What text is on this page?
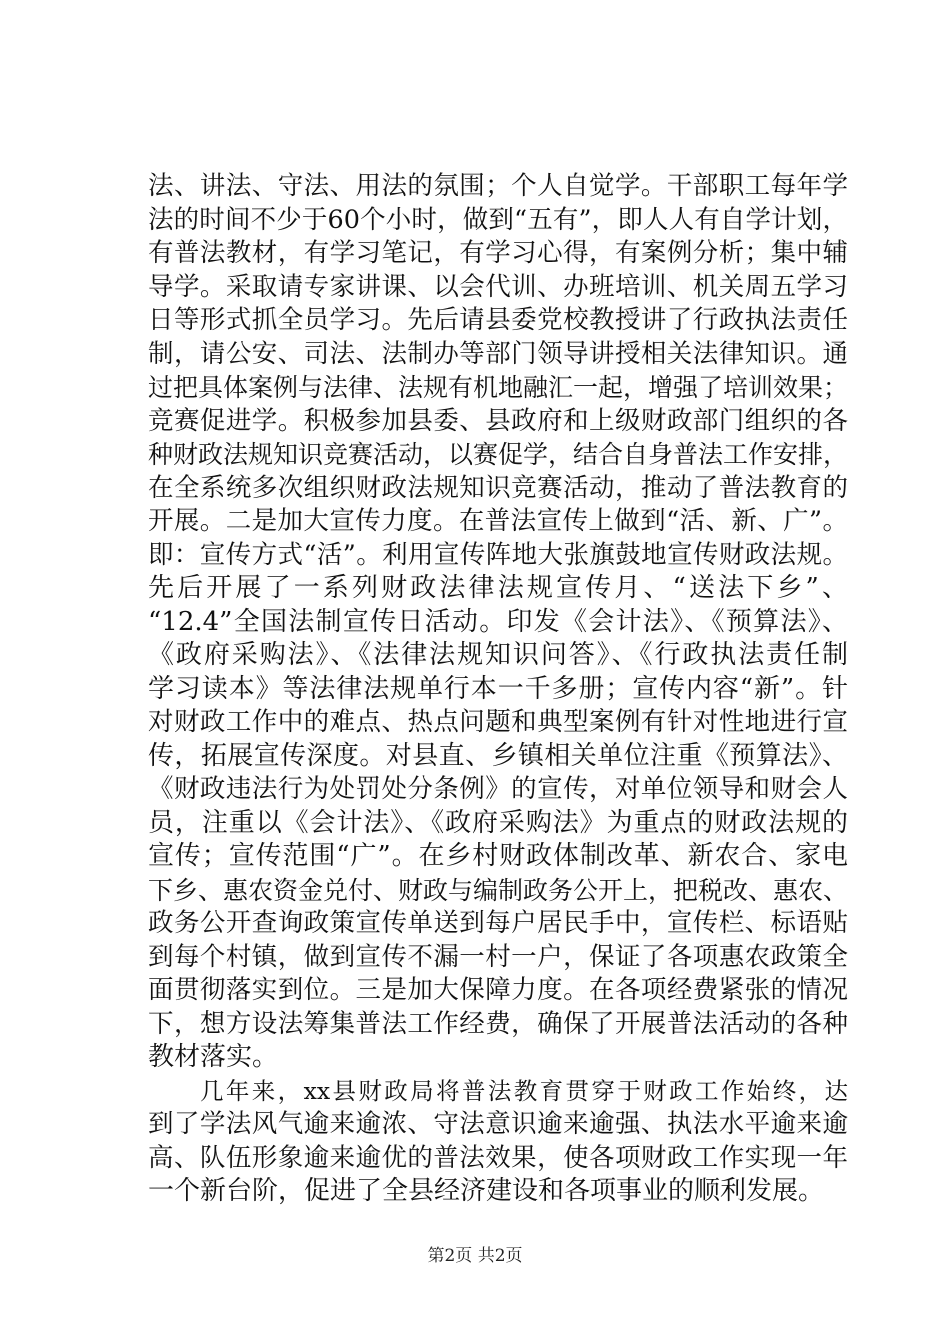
法、讲法、守法、用法的氛围；个人自觉学。干部职工每年学
法的时间不少于60个小时，做到“五有”，即人人有自学计划，
有普法教材，有学习笔记，有学习心得，有案例分析；集中辅
导学。采取请专家讲课、以会代训、办班培训、机关周五学习
日等形式抓全员学习。先后请县委党校教授讲了行政执法责任
制，请公安、司法、法制办等部门领导讲授相关法律知识。通
过把具体案例与法律、法规有机地融汇一起，增强了培训效果；
竞赛促进学。积极参加县委、县政府和上级财政部门组织的各
种财政法规知识竞赛活动，以赛促学，结合自身普法工作安排，
在全系统多次组织财政法规知识竞赛活动，推动了普法教育的
开展。二是加大宣传力度。在普法宣传上做到“活、新、广”。
即：宣传方式“活”。利用宣传阵地大张旗鼓地宣传财政法规。
先后开展了一系列财政法律法规宣传月、“送法下乡”、
“12.4”全国法制宣传日活动。印发《会计法》、《预算法》、
《政府采购法》、《法律法规知识问答》、《行政执法责任制
学习读本》等法律法规单行本一千多册；宣传内容“新”。针
对财政工作中的难点、热点问题和典型案例有针对性地进行宣
传，拓展宣传深度。对县直、乡镇相关单位注重《预算法》、
《财政违法行为处罚处分条例》的宣传，对单位领导和财会人
员，注重以《会计法》、《政府采购法》为重点的财政法规的
宣传；宣传范围“广”。在乡村财政体制改革、新农合、家电
下乡、惠农资金兑付、财政与编制政务公开上，把税改、惠农、
政务公开查询政策宣传单送到每户居民手中，宣传栏、标语贴
到每个村镇，做到宣传不漏一村一户，保证了各项惠农政策全
面贯彻落实到位。三是加大保障力度。在各项经费紧张的情况
下，想方设法筹集普法工作经费，确保了开展普法活动的各种
教材落实。
几年来，xx县财政局将普法教育贯穿于财政工作始终，达
到了学法风气逾来逾浓、守法意识逾来逾强、执法水平逾来逾
高、队伍形象逾来逾优的普法效果，使各项财政工作实现一年
一个新台阶，促进了全县经济建设和各项事业的顺利发展。
第2页 共2页
